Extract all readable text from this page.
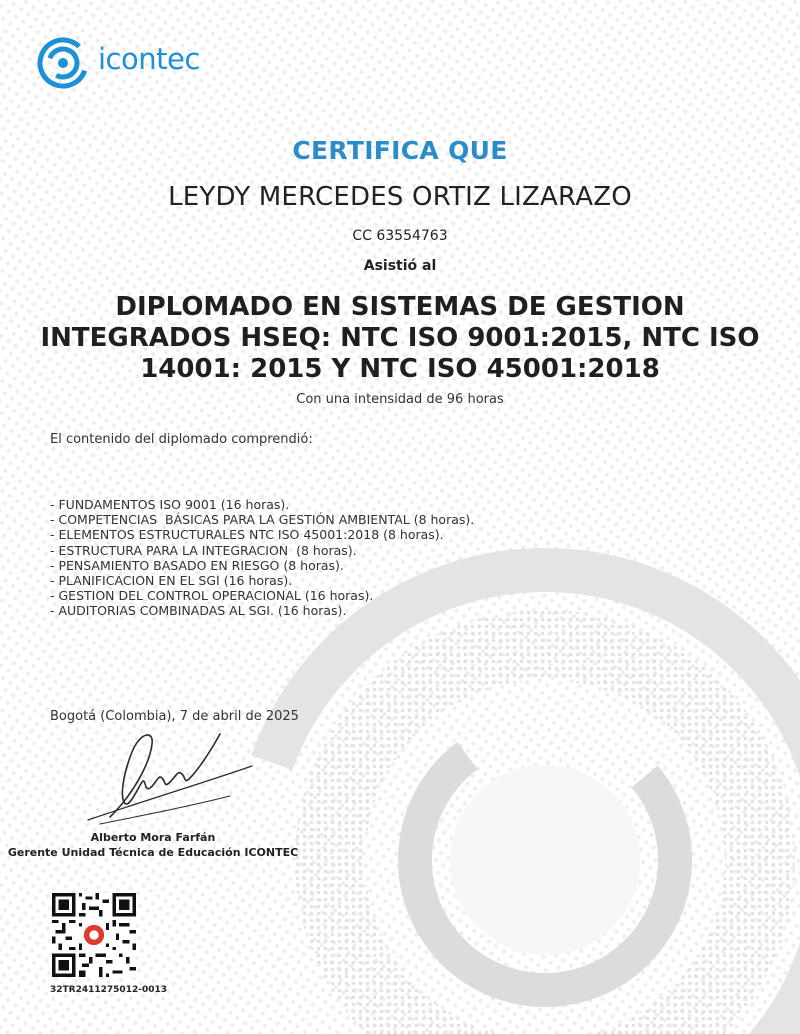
icontec
CERTIFICA QUE
LEYDY MERCEDES ORTIZ LIZARAZO
CC 63554763
Asistió al
DIPLOMADO EN SISTEMAS DE GESTION
INTEGRADOS HSEQ: NTC ISO 9001:2015, NTC ISO
14001: 2015 Y NTC ISO 45001:2018
Con una intensidad de 96 horas
El contenido del diplomado comprendió:
- FUNDAMENTOS ISO 9001 (16 horas).
- COMPETENCIAS  BÁSICAS PARA LA GESTIÓN AMBIENTAL (8 horas).
- ELEMENTOS ESTRUCTURALES NTC ISO 45001:2018 (8 horas).
- ESTRUCTURA PARA LA INTEGRACION  (8 horas).
- PENSAMIENTO BASADO EN RIESGO (8 horas).
- PLANIFICACION EN EL SGI (16 horas).
- GESTION DEL CONTROL OPERACIONAL (16 horas).
- AUDITORIAS COMBINADAS AL SGI. (16 horas).
Bogotá (Colombia), 7 de abril de 2025
Alberto Mora Farfán
Gerente Unidad Técnica de Educación ICONTEC
32TR2411275012-0013
